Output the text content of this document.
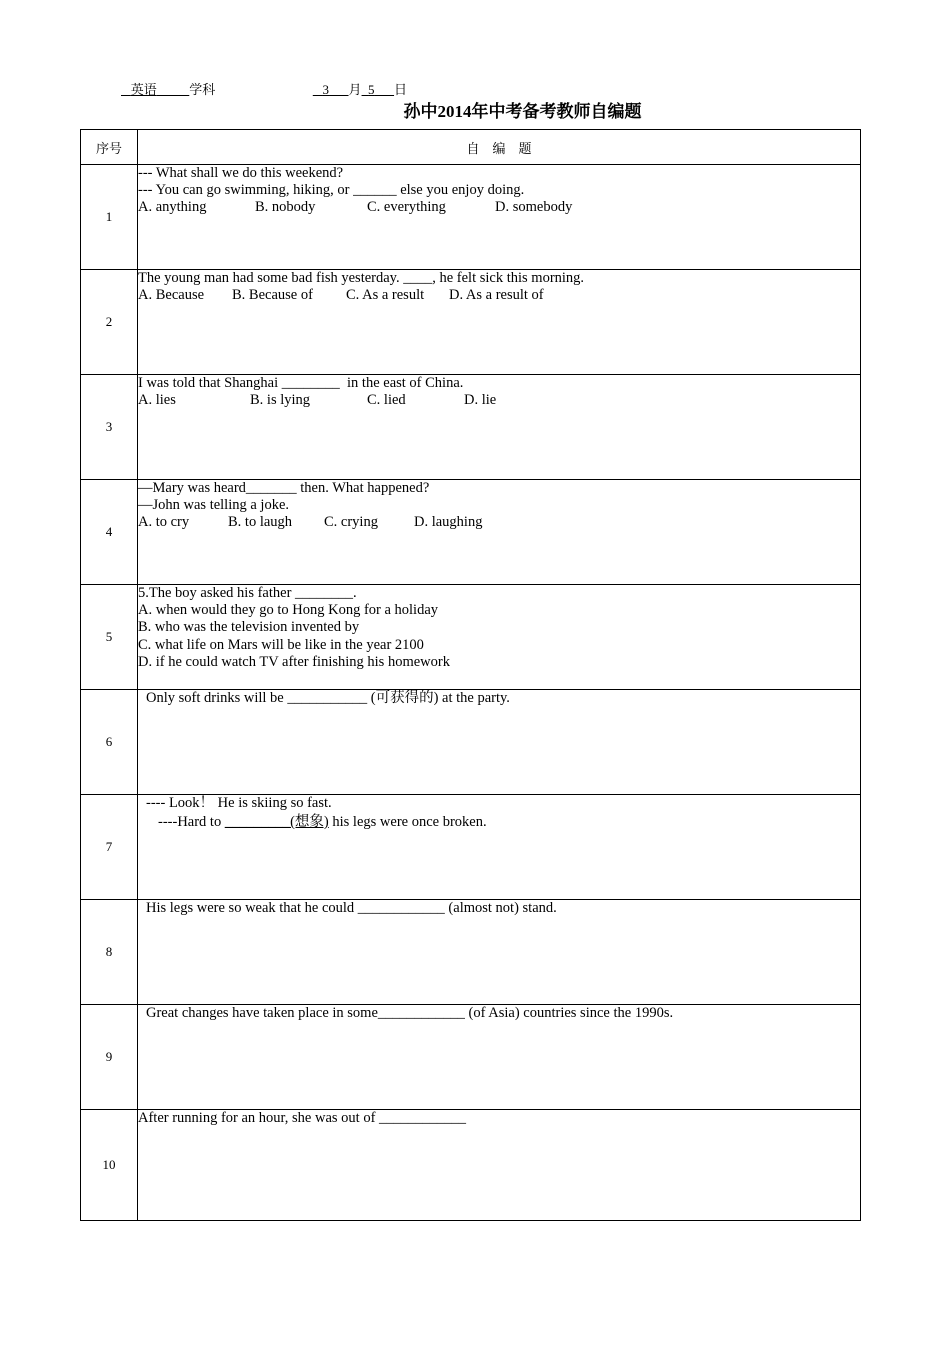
英语	学科	3 月 5 日
孙中2014年中考备考教师自编题
序号	自　编　题
1	--- What shall we do this weekend?
--- You can go swimming, hiking, or ______ else you enjoy doing.
A. anything B. nobody C. everything D. somebody

2	The young man had some bad fish yesterday. ____, he felt sick this morning.
A. Because B. Because of C. As a result D. As a result of

3	I was told that Shanghai ________  in the east of China.
A. lies B. is lying C. lied D. lie

4	—Mary was heard_______ then. What happened?
—John was telling a joke.
A. to cry B. to laugh C. crying D. laughing

5	5.The boy asked his father ________.
A. when would they go to Hong Kong for a holiday
B. who was the television invented by
C. what life on Mars will be like in the year 2100
D. if he could watch TV after finishing his homework

6	Only soft drinks will be ___________ (可获得的) at the party.

7	---- Look！ He is skiing so fast.
----Hard to _________(想象) his legs were once broken.

8	His legs were so weak that he could ____________ (almost not) stand.

9	Great changes have taken place in some____________ (of Asia) countries since the 1990s.

10	After running for an hour, she was out of ____________
